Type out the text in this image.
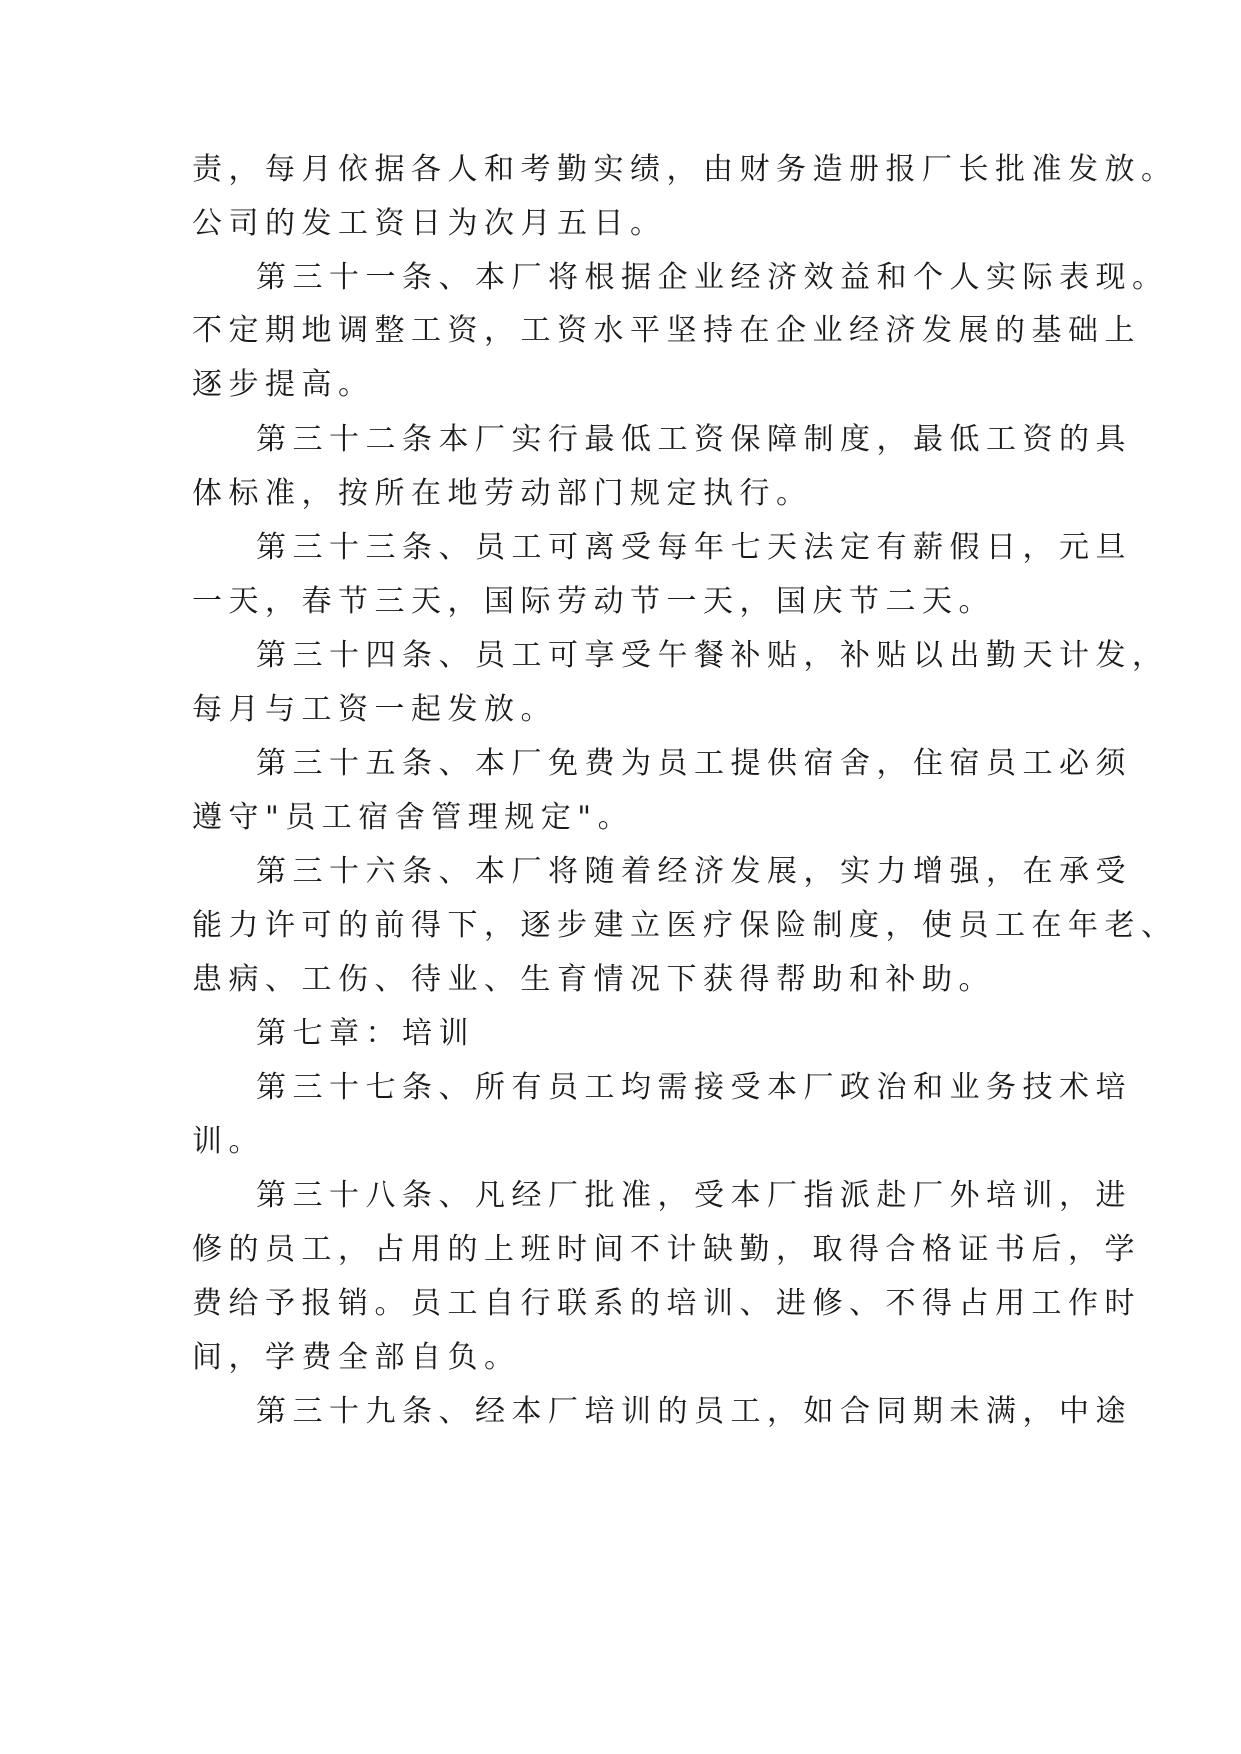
责，每月依据各人和考勤实绩，由财务造册报厂长批准发放。
公司的发工资日为次月五日。
第三十一条、本厂将根据企业经济效益和个人实际表现。
不定期地调整工资，工资水平坚持在企业经济发展的基础上
逐步提高。
第三十二条本厂实行最低工资保障制度，最低工资的具
体标准，按所在地劳动部门规定执行。
第三十三条、员工可离受每年七天法定有薪假日，元旦
一天，春节三天，国际劳动节一天，国庆节二天。
第三十四条、员工可享受午餐补贴，补贴以出勤天计发，
每月与工资一起发放。
第三十五条、本厂免费为员工提供宿舍，住宿员工必须
遵守"员工宿舍管理规定"。
第三十六条、本厂将随着经济发展，实力增强，在承受
能力许可的前得下，逐步建立医疗保险制度，使员工在年老、
患病、工伤、待业、生育情况下获得帮助和补助。
第七章：培训
第三十七条、所有员工均需接受本厂政治和业务技术培
训。
第三十八条、凡经厂批准，受本厂指派赴厂外培训，进
修的员工，占用的上班时间不计缺勤，取得合格证书后，学
费给予报销。员工自行联系的培训、进修、不得占用工作时
间，学费全部自负。
第三十九条、经本厂培训的员工，如合同期未满，中途
